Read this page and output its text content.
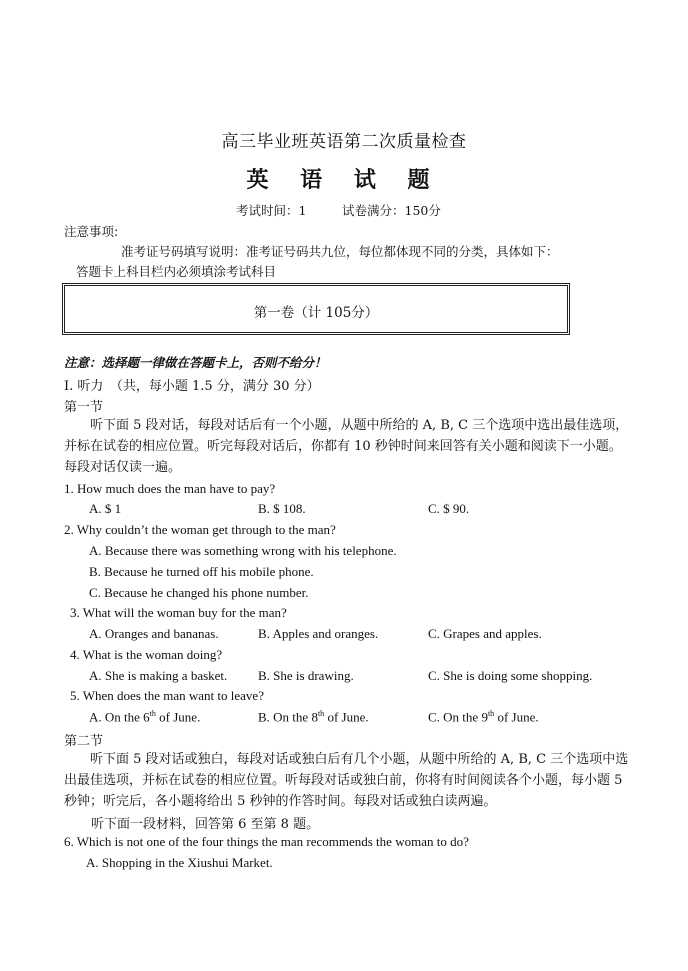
高三毕业班英语第二次质量检查
英 语 试 题
考试时间：1	试卷满分：150分
注意事项:
准考证号码填写说明：准考证号码共九位，每位都体现不同的分类，具体如下：
答题卡上科目栏内必须填涂考试科目
第一卷（计 105分）
注意：选择题一律做在答题卡上，否则不给分！
I. 听力　（共，每小题 1.5 分，满分 30 分）
第一节
听下面 5 段对话，每段对话后有一个小题，从题中所给的 A, B, C 三个选项中选出最佳选项，并标在试卷的相应位置。听完每段对话后，你都有 10 秒钟时间来回答有关小题和阅读下一小题。每段对话仅读一遍。
1. How much does the man have to pay?
A. $ 1	B. $ 108.	C. $ 90.
2. Why couldn’t the woman get through to the man?
A. Because there was something wrong with his telephone.
B. Because he turned off his mobile phone.
C. Because he changed his phone number.
3. What will the woman buy for the man?
A. Oranges and bananas.	B. Apples and oranges.	C. Grapes and apples.
4. What is the woman doing?
A. She is making a basket. B. She is drawing.	C. She is doing some shopping.
5. When does the man want to leave?
A. On the 6th of June.	B. On the 8th of June.	C. On the 9th of June.
第二节
听下面 5 段对话或独白，每段对话或独白后有几个小题，从题中所给的 A, B, C 三个选项中选出最佳选项，并标在试卷的相应位置。听每段对话或独白前，你将有时间阅读各个小题，每小题 5 秒钟；听完后，各小题将给出 5 秒钟的作答时间。每段对话或独白读两遍。
听下面一段材料，回答第 6 至第 8 题。
6. Which is not one of the four things the man recommends the woman to do?
A. Shopping in the Xiushui Market.
